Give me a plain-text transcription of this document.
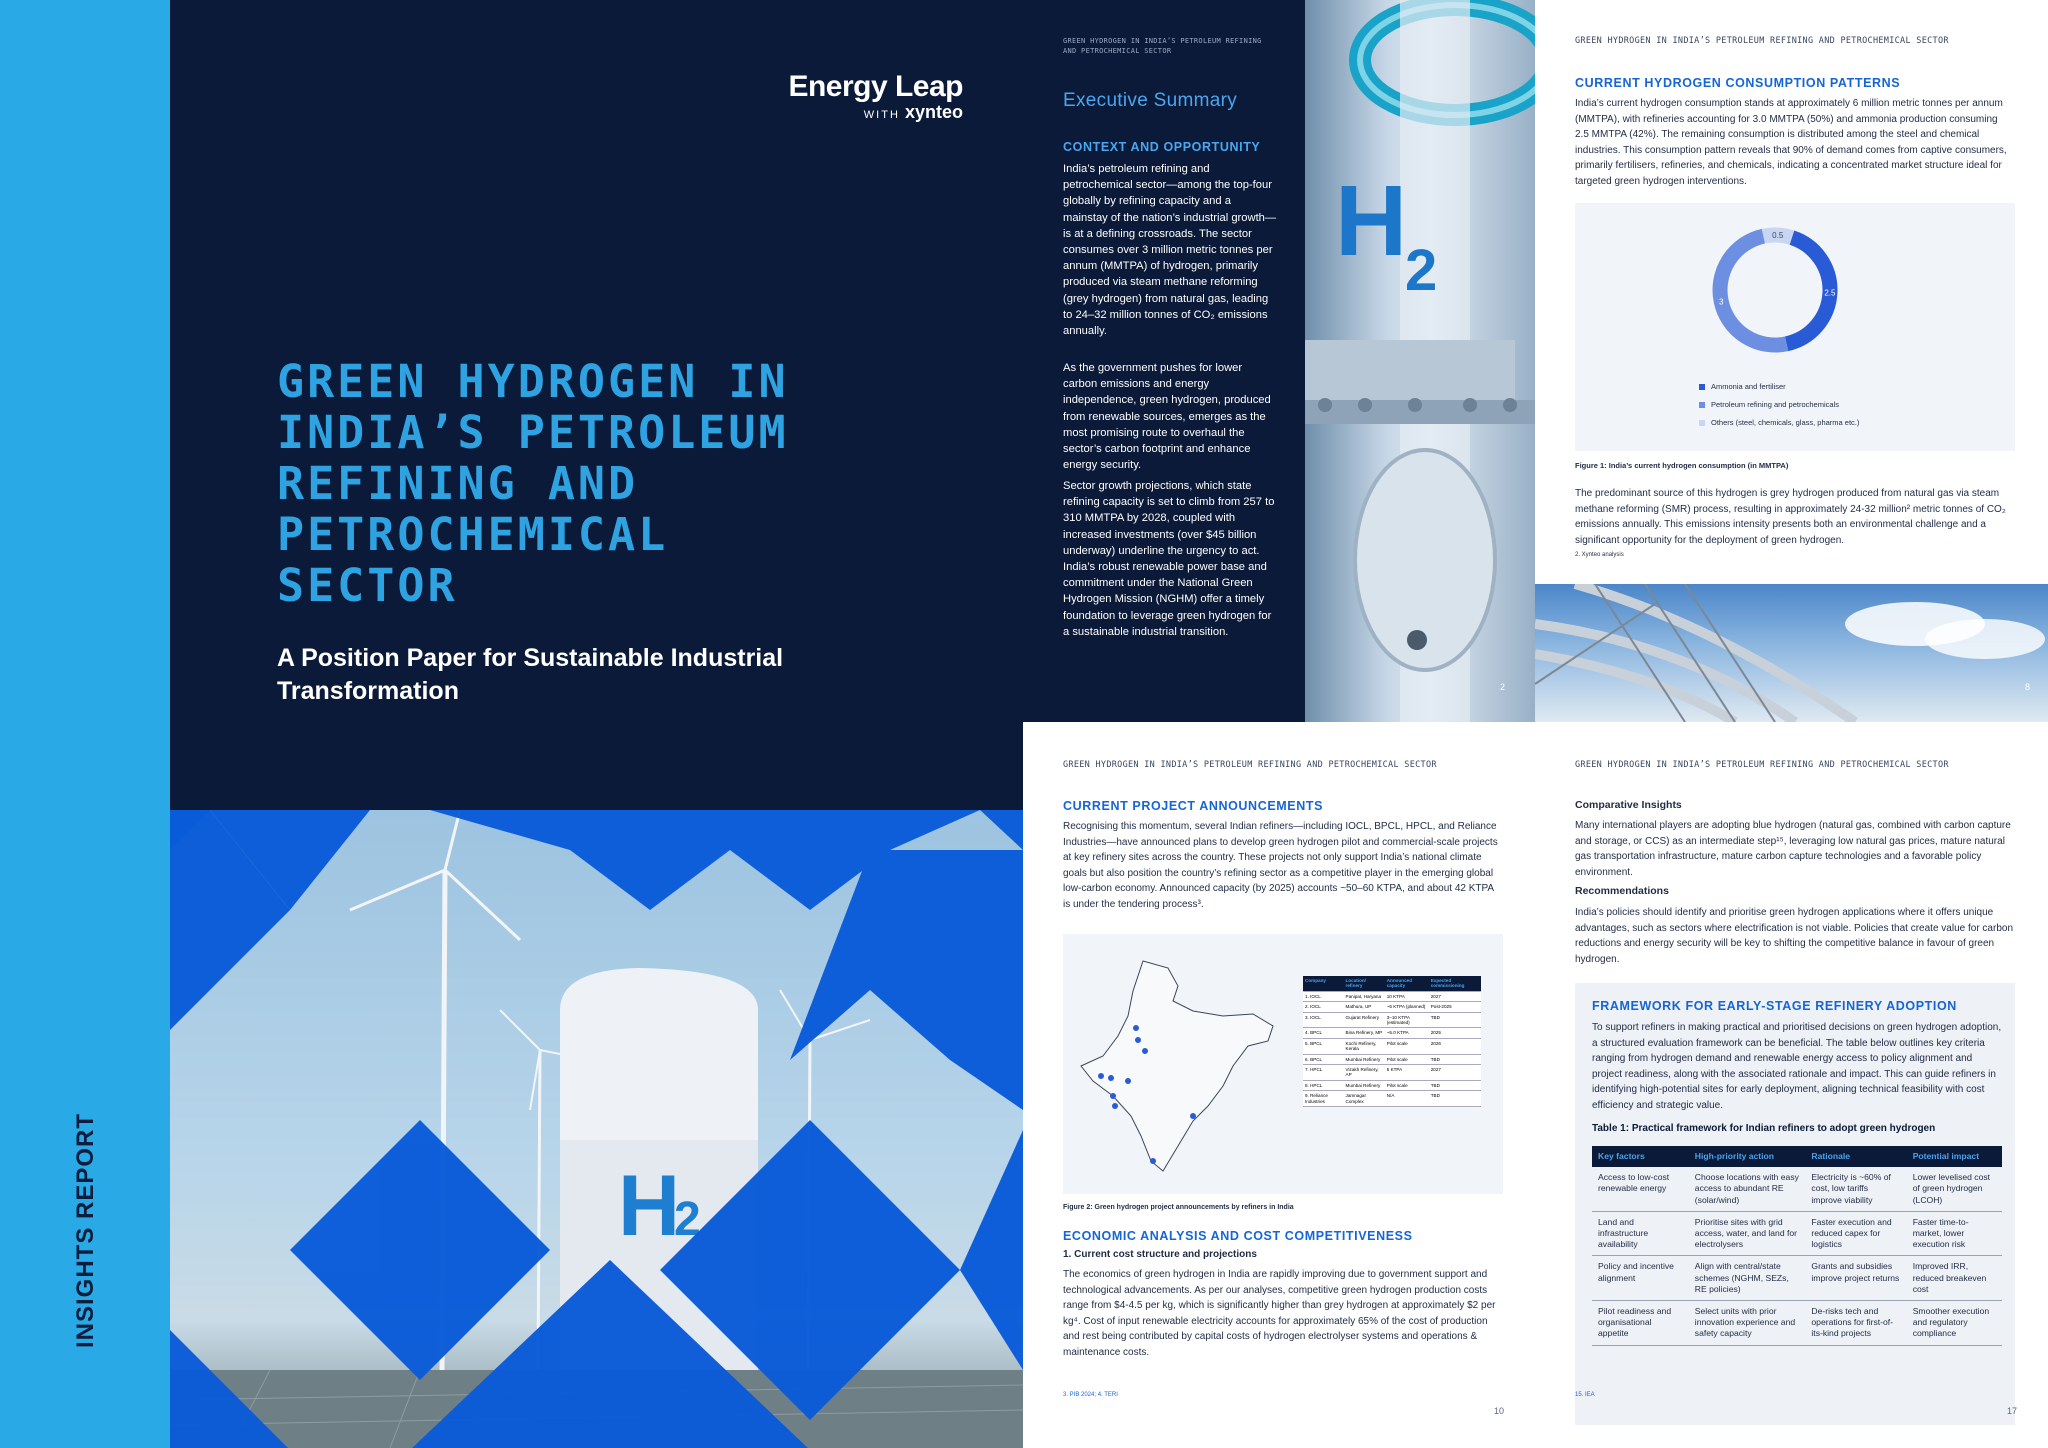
INSIGHTS REPORT
Energy Leap
WITH xynteo
GREEN HYDROGEN IN INDIA’S PETROLEUM REFINING AND PETROCHEMICAL SECTOR
A Position Paper for Sustainable Industrial Transformation
H
2
GREEN HYDROGEN IN INDIA’S PETROLEUM REFINING AND PETROCHEMICAL SECTOR
Executive Summary
CONTEXT AND OPPORTUNITY
India’s petroleum refining and petrochemical sector—among the top-four globally by refining capacity and a mainstay of the nation’s industrial growth—is at a defining crossroads. The sector consumes over 3 million metric tonnes per annum (MMTPA) of hydrogen, primarily produced via steam methane reforming (grey hydrogen) from natural gas, leading to 24–32 million tonnes of CO₂ emissions annually.
As the government pushes for lower carbon emissions and energy independence, green hydrogen, produced from renewable sources, emerges as the most promising route to overhaul the sector’s carbon footprint and enhance energy security.
Sector growth projections, which state refining capacity is set to climb from 257 to 310 MMTPA by 2028, coupled with increased investments (over $45 billion underway) underline the urgency to act. India’s robust renewable power base and commitment under the National Green Hydrogen Mission (NGHM) offer a timely foundation to leverage green hydrogen for a sustainable industrial transition.
H
2
2
GREEN HYDROGEN IN INDIA’S PETROLEUM REFINING AND PETROCHEMICAL SECTOR
CURRENT HYDROGEN CONSUMPTION PATTERNS
India’s current hydrogen consumption stands at approximately 6 million metric tonnes per annum (MMTPA), with refineries accounting for 3.0 MMTPA (50%) and ammonia production consuming 2.5 MMTPA (42%). The remaining consumption is distributed among the steel and chemical industries. This consumption pattern reveals that 90% of demand comes from captive consumers, primarily fertilisers, refineries, and chemicals, indicating a concentrated market structure ideal for targeted green hydrogen interventions.
2.5
3
0.5
Ammonia and fertiliser
Petroleum refining and petrochemicals
Others (steel, chemicals, glass, pharma etc.)
Figure 1: India’s current hydrogen consumption (in MMTPA)
The predominant source of this hydrogen is grey hydrogen produced from natural gas via steam methane reforming (SMR) process, resulting in approximately 24-32 million² metric tonnes of CO₂ emissions annually. This emissions intensity presents both an environmental challenge and a significant opportunity for the deployment of green hydrogen.
2. Xynteo analysis
8
GREEN HYDROGEN IN INDIA’S PETROLEUM REFINING AND PETROCHEMICAL SECTOR
CURRENT PROJECT ANNOUNCEMENTS
Recognising this momentum, several Indian refiners—including IOCL, BPCL, HPCL, and Reliance Industries—have announced plans to develop green hydrogen pilot and commercial-scale projects at key refinery sites across the country. These projects not only support India’s national climate goals but also position the country’s refining sector as a competitive player in the emerging global low-carbon economy. Announced capacity (by 2025) accounts ~50–60 KTPA, and about 42 KTPA is under the tendering process³.
Company	Location/ refinery	Announced capacity	Expected commissioning
1. IOCL	Panipat, Haryana	10 KTPA	2027
2. IOCL	Mathura, UP	~5 KTPA (planned)	Post-2025
3. IOCL	Gujarat Refinery	3–10 KTPA (estimated)	TBD
4. BPCL	Bina Refinery, MP	~5.0 KTPA	2025
5. BPCL	Kochi Refinery, Kerala	Pilot scale	2026
6. BPCL	Mumbai Refinery	Pilot scale	TBD
7. HPCL	Vizakh Refinery, AP	5 KTPA	2027
8. HPCL	Mumbai Refinery	Pilot scale	TBD
9. Reliance Industries	Jamnagar Complex	N/A	TBD
Figure 2: Green hydrogen project announcements by refiners in India
ECONOMIC ANALYSIS AND COST COMPETITIVENESS
1. Current cost structure and projections
The economics of green hydrogen in India are rapidly improving due to government support and technological advancements. As per our analyses, competitive green hydrogen production costs range from $4-4.5 per kg, which is significantly higher than grey hydrogen at approximately $2 per kg⁴. Cost of input renewable electricity accounts for approximately 65% of the cost of production and rest being contributed by capital costs of hydrogen electrolyser systems and operations & maintenance costs.
3. PIB 2024; 4. TERI
10
GREEN HYDROGEN IN INDIA’S PETROLEUM REFINING AND PETROCHEMICAL SECTOR
Comparative Insights
Many international players are adopting blue hydrogen (natural gas, combined with carbon capture and storage, or CCS) as an intermediate step¹⁵, leveraging low natural gas prices, mature natural gas transportation infrastructure, mature carbon capture technologies and a favorable policy environment.
Recommendations
India’s policies should identify and prioritise green hydrogen applications where it offers unique advantages, such as sectors where electrification is not viable. Policies that create value for carbon reductions and energy security will be key to shifting the competitive balance in favour of green hydrogen.
FRAMEWORK FOR EARLY-STAGE REFINERY ADOPTION
To support refiners in making practical and prioritised decisions on green hydrogen adoption, a structured evaluation framework can be beneficial. The table below outlines key criteria ranging from hydrogen demand and renewable energy access to policy alignment and project readiness, along with the associated rationale and impact. This can guide refiners in identifying high-potential sites for early deployment, aligning technical feasibility with cost efficiency and strategic value.
Table 1: Practical framework for Indian refiners to adopt green hydrogen
Key factors	High-priority action	Rationale	Potential impact
Access to low-cost renewable energy	Choose locations with easy access to abundant RE (solar/wind)	Electricity is ~60% of cost, low tariffs improve viability	Lower levelised cost of green hydrogen (LCOH)
Land and infrastructure availability	Prioritise sites with grid access, water, and land for electrolysers	Faster execution and reduced capex for logistics	Faster time-to-market, lower execution risk
Policy and incentive alignment	Align with central/state schemes (NGHM, SEZs, RE policies)	Grants and subsidies improve project returns	Improved IRR, reduced breakeven cost
Pilot readiness and organisational appetite	Select units with prior innovation experience and safety capacity	De-risks tech and operations for first-of-its-kind projects	Smoother execution and regulatory compliance
15. IEA
17
